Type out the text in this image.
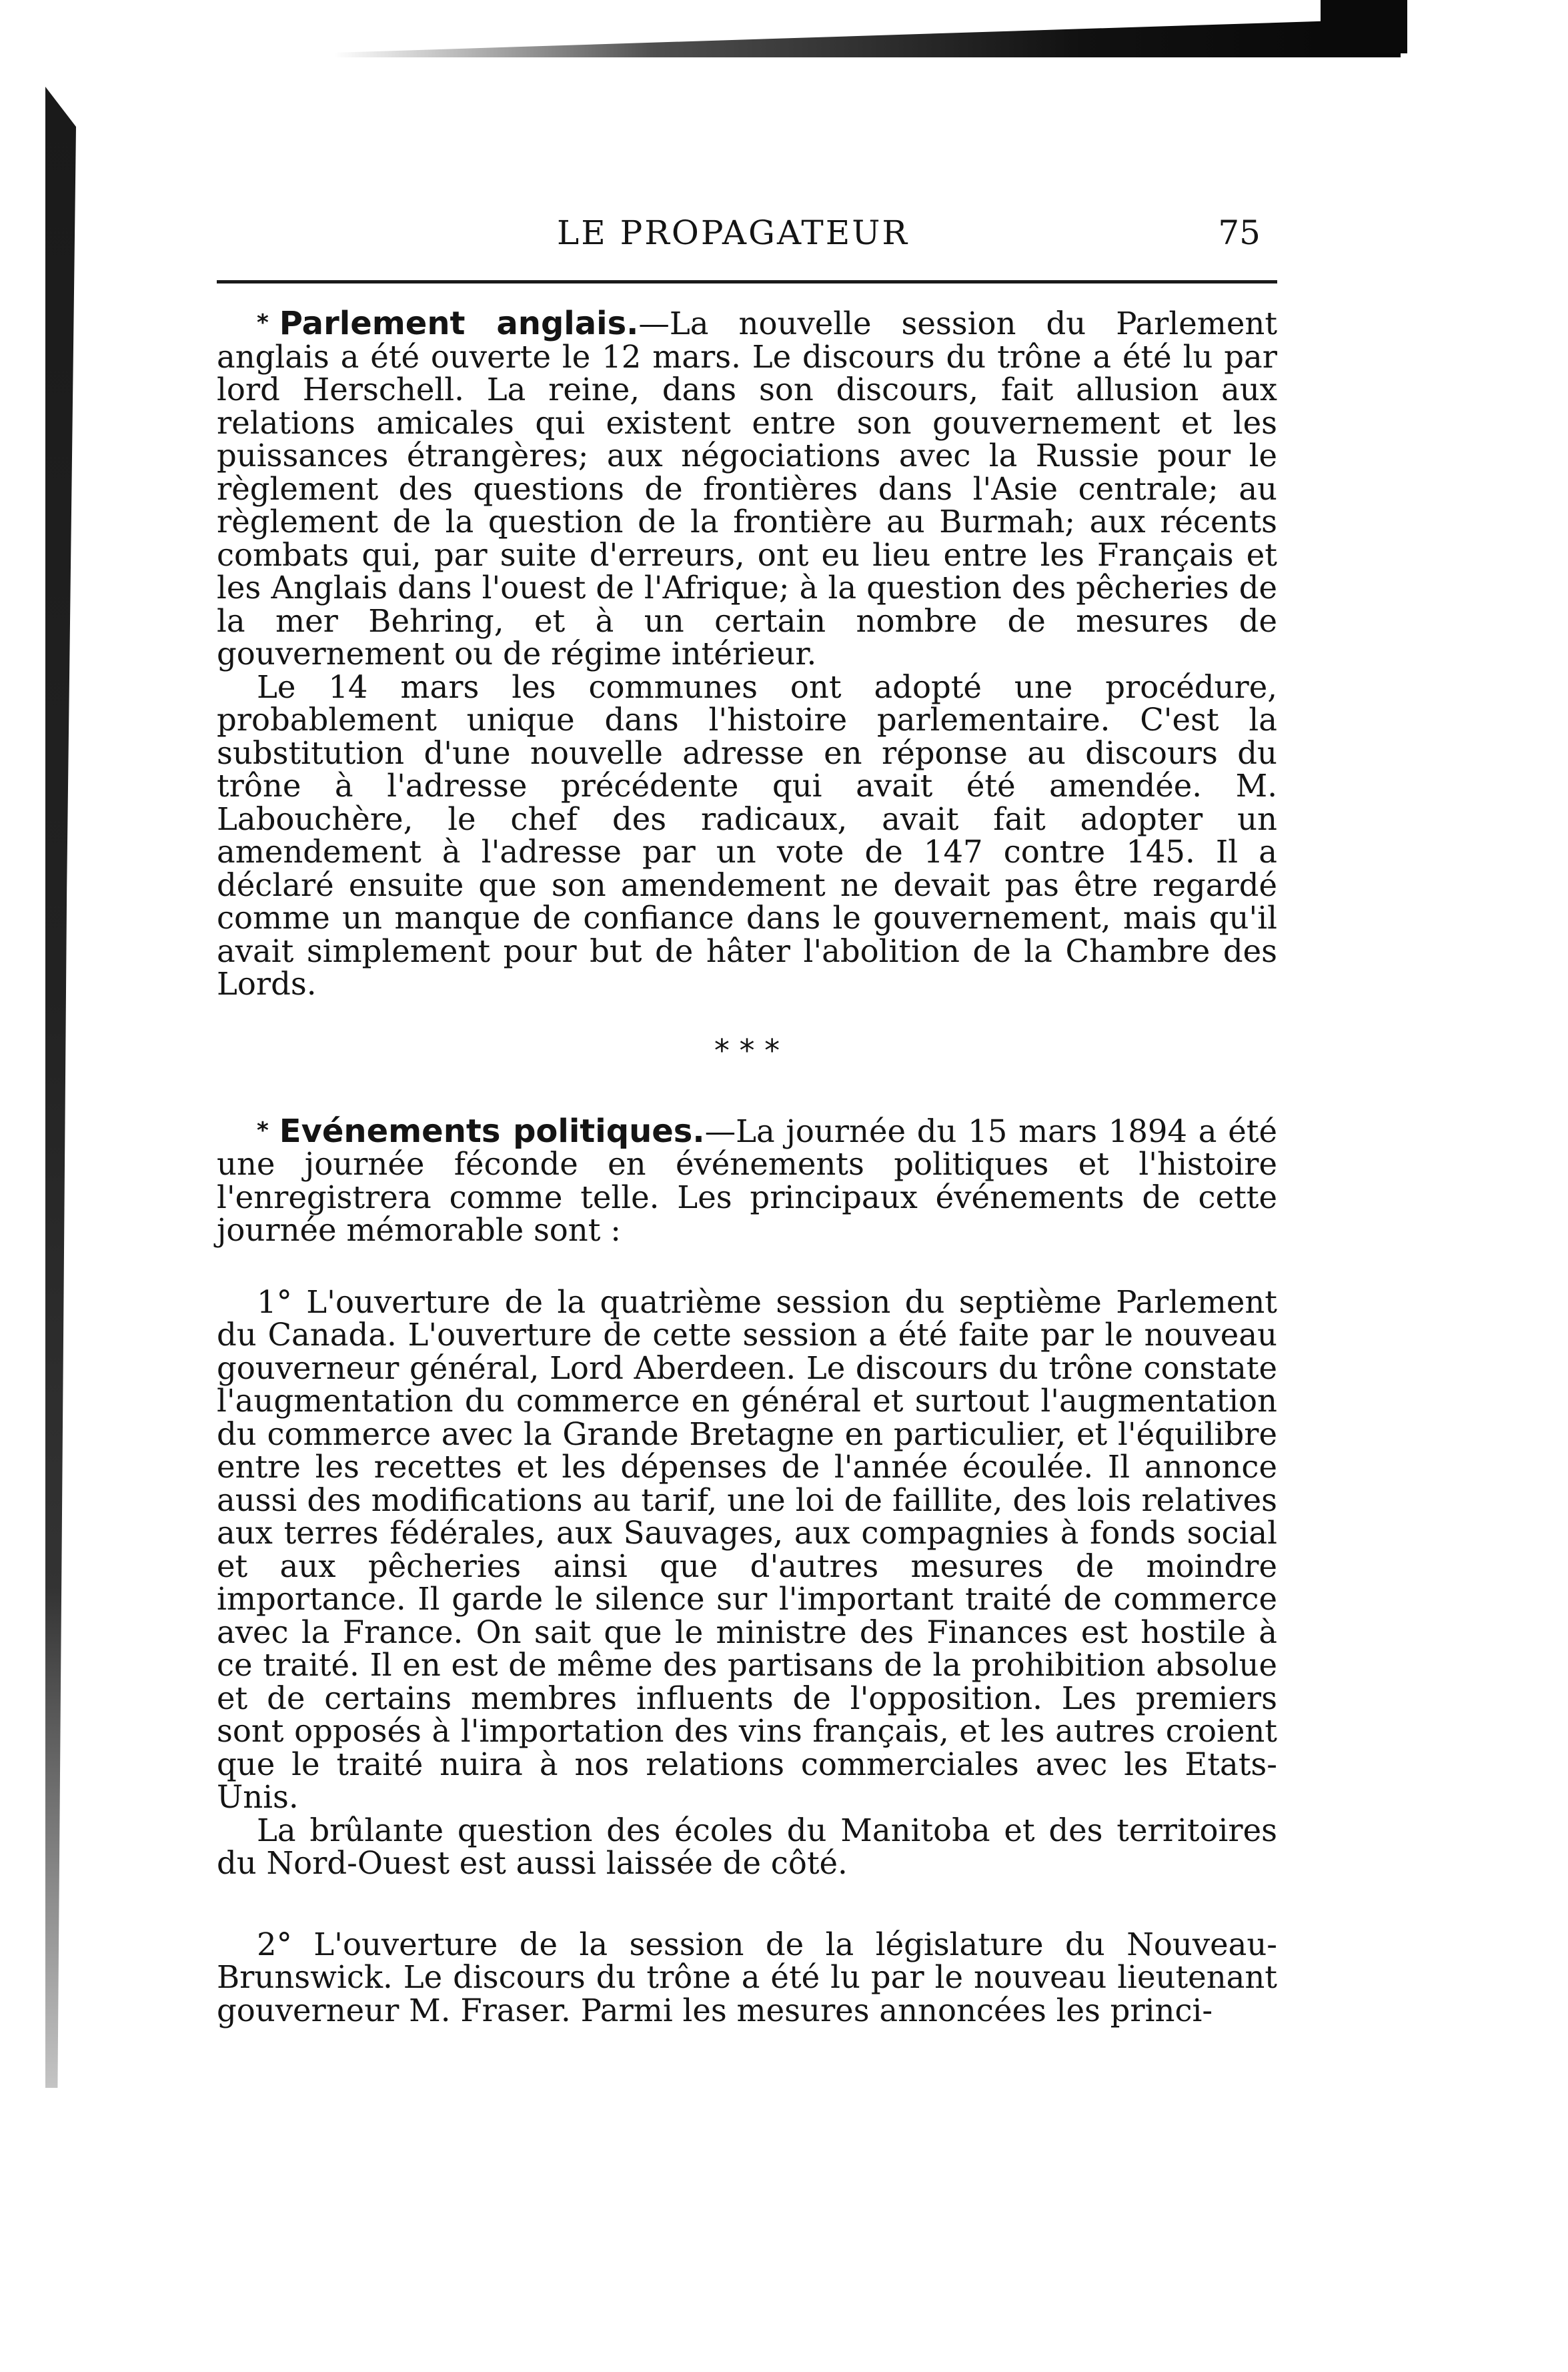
LE PROPAGATEUR	75

* Parlement anglais.—La nouvelle session du Parlement anglais a été ouverte le 12 mars. Le discours du trône a été lu par lord Herschell. La reine, dans son discours, fait allusion aux relations amicales qui existent entre son gouvernement et les puissances étrangères; aux négociations avec la Russie pour le règlement des questions de frontières dans l'Asie centrale; au règlement de la question de la frontière au Burmah; aux récents combats qui, par suite d'erreurs, ont eu lieu entre les Français et les Anglais dans l'ouest de l'Afrique; à la question des pêcheries de la mer Behring, et à un certain nombre de mesures de gouvernement ou de régime intérieur.

Le 14 mars les communes ont adopté une procédure, probablement unique dans l'histoire parlementaire. C'est la substitution d'une nouvelle adresse en réponse au discours du trône à l'adresse précédente qui avait été amendée. M. Labouchère, le chef des radicaux, avait fait adopter un amendement à l'adresse par un vote de 147 contre 145. Il a déclaré ensuite que son amendement ne devait pas être regardé comme un manque de confiance dans le gouvernement, mais qu'il avait simplement pour but de hâter l'abolition de la Chambre des Lords.

* * *

* Evénements politiques.—La journée du 15 mars 1894 a été une journée féconde en événements politiques et l'histoire l'enregistrera comme telle. Les principaux événements de cette journée mémorable sont :

1° L'ouverture de la quatrième session du septième Parlement du Canada. L'ouverture de cette session a été faite par le nouveau gouverneur général, Lord Aberdeen. Le discours du trône constate l'augmentation du commerce en général et surtout l'augmentation du commerce avec la Grande Bretagne en particulier, et l'équilibre entre les recettes et les dépenses de l'année écoulée. Il annonce aussi des modifications au tarif, une loi de faillite, des lois relatives aux terres fédérales, aux Sauvages, aux compagnies à fonds social et aux pêcheries ainsi que d'autres mesures de moindre importance. Il garde le silence sur l'important traité de commerce avec la France. On sait que le ministre des Finances est hostile à ce traité. Il en est de même des partisans de la prohibition absolue et de certains membres influents de l'opposition. Les premiers sont opposés à l'importation des vins français, et les autres croient que le traité nuira à nos relations commerciales avec les Etats-Unis.

La brûlante question des écoles du Manitoba et des territoires du Nord-Ouest est aussi laissée de côté.

2° L'ouverture de la session de la législature du Nouveau-Brunswick. Le discours du trône a été lu par le nouveau lieutenant gouverneur M. Fraser. Parmi les mesures annoncées les princi-
